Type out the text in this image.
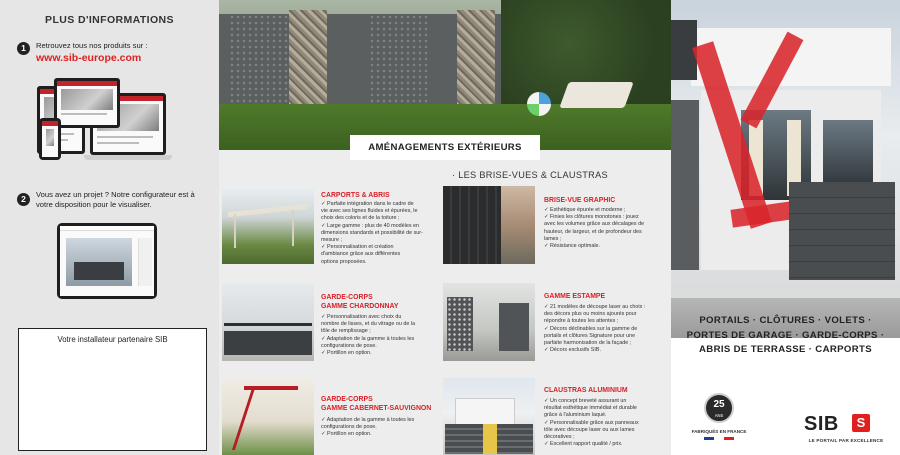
PLUS D'INFORMATIONS
1	Retrouvez tous nos produits sur :
www.sib-europe.com
2	Vous avez un projet ? Notre configurateur est à votre disposition pour le visualiser.
Votre installateur partenaire SIB
AMÉNAGEMENTS EXTÉRIEURS
· LES BRISE-VUES & CLAUSTRAS
CARPORTS & ABRIS
✓ Parfaite intégration dans le cadre de
vie avec ses lignes fluides et épurées, le
choix des coloris et de la toiture ;
✓ Large gamme : plus de 40 modèles en
dimensions standards et possibilité de sur-
mesure ;
✓ Personnalisation et création
d'ambiance grâce aux différentes
options proposées.
GARDE-CORPS
GAMME CHARDONNAY
✓ Personnalisation avec choix du
nombre de lisses, et du vitrage ou de la
tôle de remplissage ;
✓ Adaptation de la gamme à toutes les
configurations de pose.
✓ Portillon en option.
GARDE-CORPS
GAMME CABERNET-SAUVIGNON
✓ Adaptation de la gamme à toutes les
configurations de pose.
✓ Portillon en option.
BRISE-VUE GRAPHIC
✓ Esthétique épurée et moderne ;
✓ Finies les clôtures monotones : jouez
avec les volumes grâce aux décalages de
hauteur, de largeur, et de profondeur des
lames ;
✓ Résistance optimale.
GAMME ESTAMPE
✓ 21 modèles de découpe laser au choix :
des décors plus ou moins ajourés pour
répondre à toutes les attentes ;
✓ Décors déclinables sur la gamme de
portails et clôtures Signature pour une
parfaite harmonisation de la façade ;
✓ Décors exclusifs SIB.
CLAUSTRAS ALUMINIUM
✓ Un concept breveté assurant un
résultat esthétique immédiat et durable
grâce à l'aluminium laqué.
✓ Personnalisable grâce aux panneaux
tôle avec découpe laser ou aux lames
décoratives ;
✓ Excellent rapport qualité / prix.
PORTAILS · CLÔTURES · VOLETS ·
PORTES DE GARAGE · GARDE-CORPS ·
ABRIS DE TERRASSE · CARPORTS
25
ANS
FABRIQUÉS EN FRANCE	SIB	S
LE PORTAIL PAR EXCELLENCE
